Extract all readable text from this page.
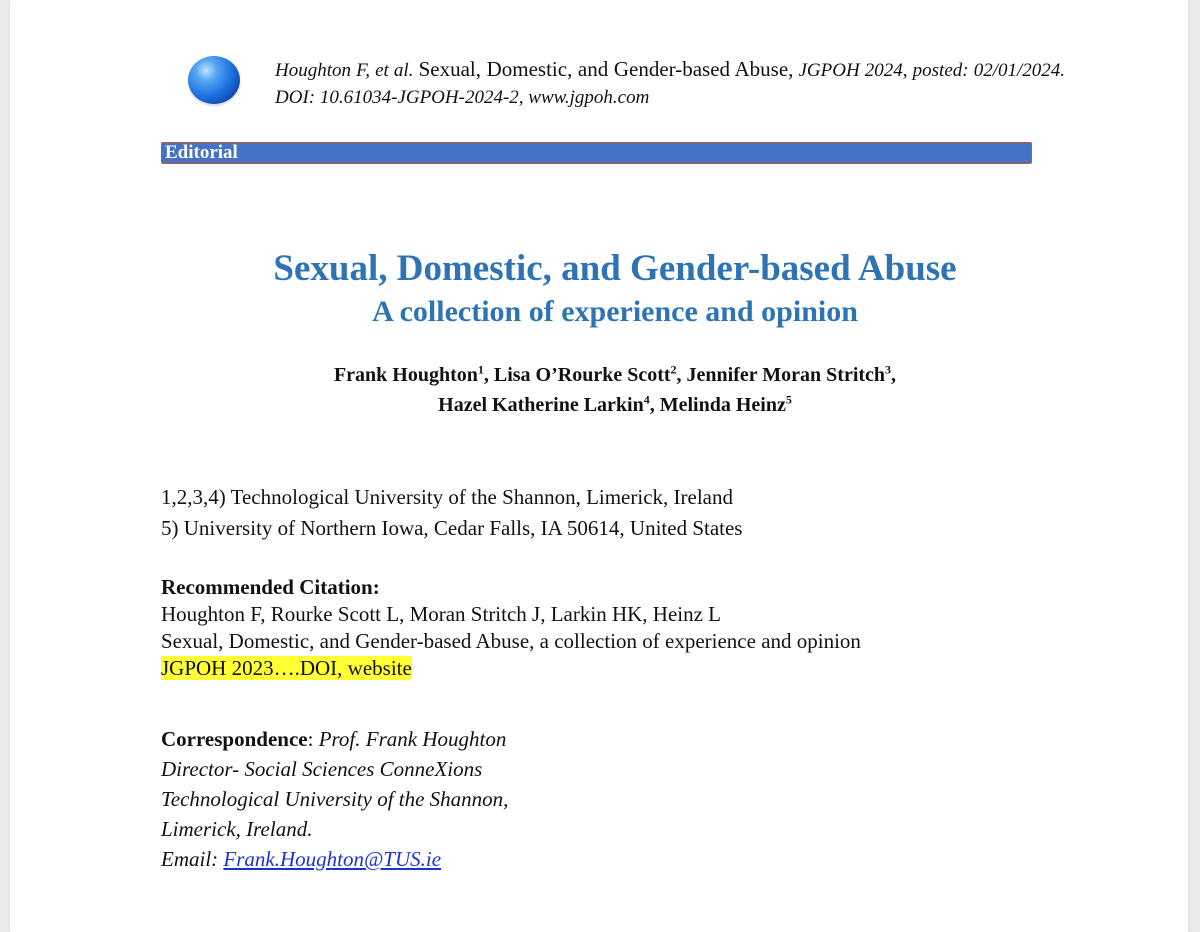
Houghton F, et al. Sexual, Domestic, and Gender-based Abuse, JGPOH 2024, posted: 02/01/2024. DOI: 10.61034-JGPOH-2024-2, www.jgpoh.com
Editorial
Sexual, Domestic, and Gender-based Abuse
A collection of experience and opinion
Frank Houghton$^1$, Lisa O’Rourke Scott$^2$, Jennifer Moran Stritch$^3$,
Hazel Katherine Larkin$^4$, Melinda Heinz$^5$
1,2,3,4) Technological University of the Shannon, Limerick, Ireland
5) University of Northern Iowa, Cedar Falls, IA 50614, United States
Recommended Citation:
Houghton F, Rourke Scott L, Moran Stritch J, Larkin HK, Heinz L
Sexual, Domestic, and Gender-based Abuse, a collection of experience and opinion
JGPOH 2023….DOI, website
Correspondence: Prof. Frank Houghton
Director- Social Sciences ConneXions
Technological University of the Shannon,
Limerick, Ireland.
Email: Frank.Houghton@TUS.ie
